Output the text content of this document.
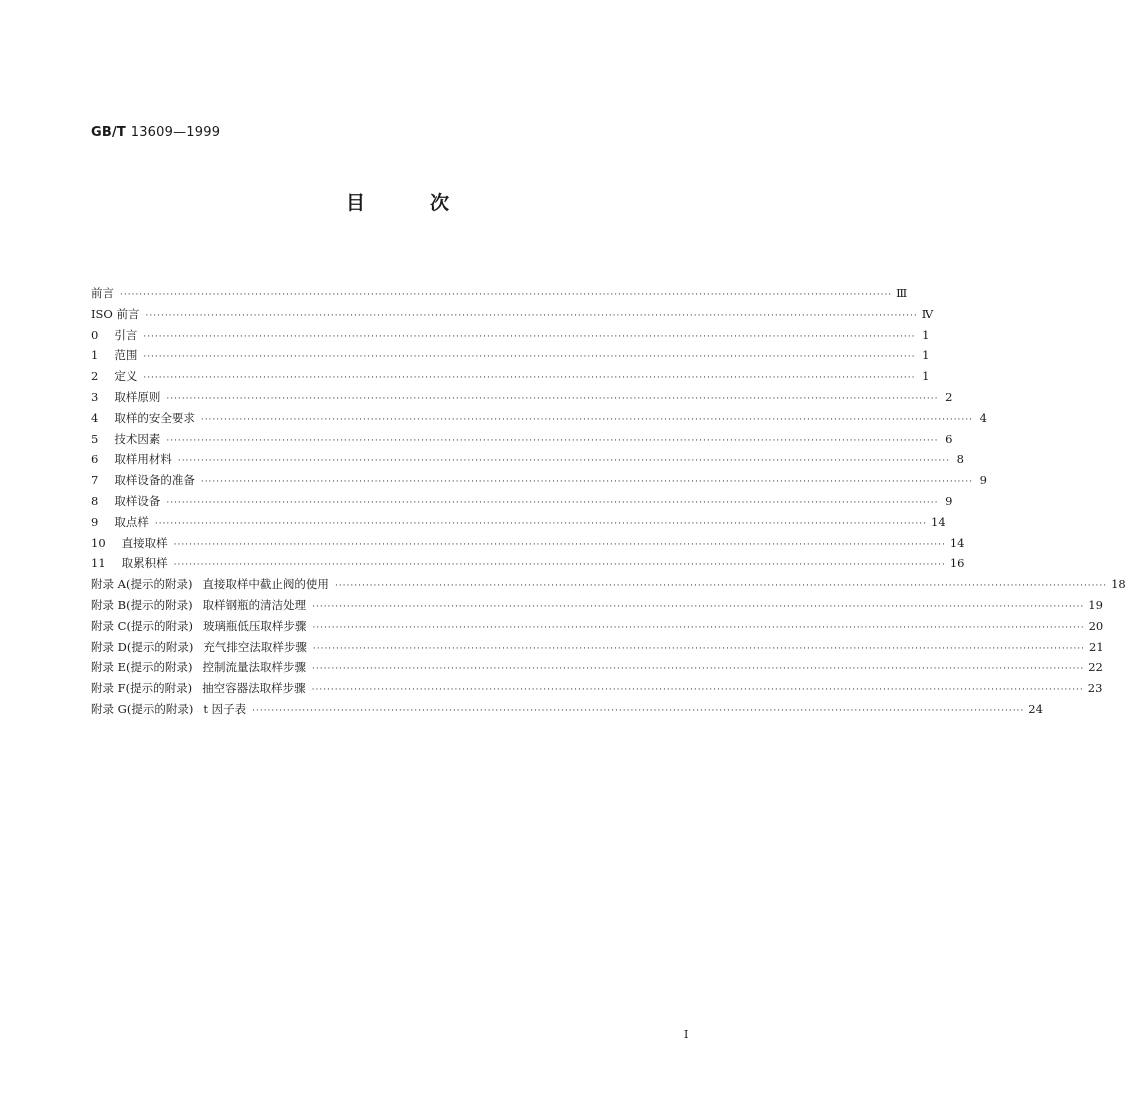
GB/T 13609—1999
目	次
前言 ········································································································································································································ Ⅲ
ISO 前言 ········································································································································································································ Ⅳ
0 引言 ········································································································································································································ 1
1 范围 ········································································································································································································ 1
2 定义 ········································································································································································································ 1
3 取样原则 ········································································································································································································ 2
4 取样的安全要求 ········································································································································································································ 4
5 技术因素 ········································································································································································································ 6
6 取样用材料 ········································································································································································································ 8
7 取样设备的准备 ········································································································································································································ 9
8 取样设备 ········································································································································································································ 9
9 取点样 ········································································································································································································ 14
10 直接取样 ········································································································································································································ 14
11 取累积样 ········································································································································································································ 16
附录 A(提示的附录) 直接取样中截止阀的使用 ········································································································································································································ 18
附录 B(提示的附录) 取样钢瓶的清洁处理 ········································································································································································································ 19
附录 C(提示的附录) 玻璃瓶低压取样步骤 ········································································································································································································ 20
附录 D(提示的附录) 充气排空法取样步骤 ········································································································································································································ 21
附录 E(提示的附录) 控制流量法取样步骤 ········································································································································································································ 22
附录 F(提示的附录) 抽空容器法取样步骤 ········································································································································································································ 23
附录 G(提示的附录) t 因子表 ········································································································································································································ 24
I
